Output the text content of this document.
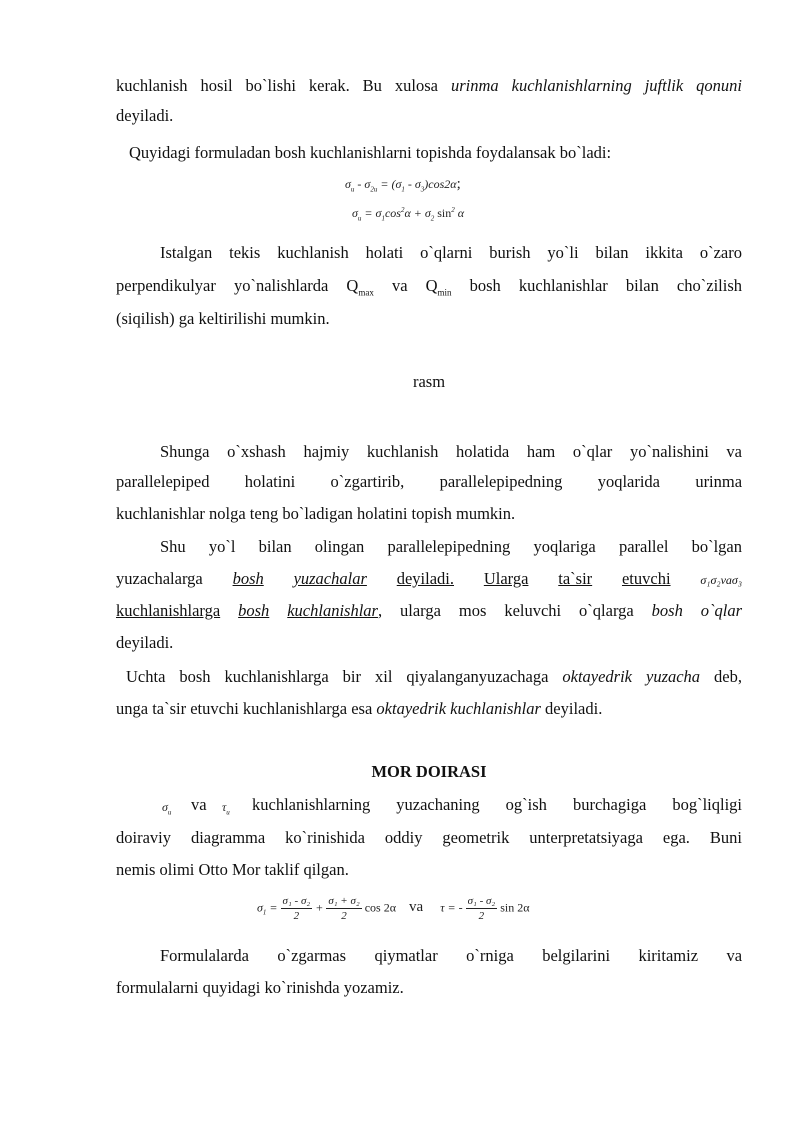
kuchlanish hosil bo`lishi kerak. Bu xulosa urinma kuchlanishlarning juftlik qonuni
deyiladi.
Quyidagi formuladan bosh kuchlanishlarni topishda foydalansak bo`ladi:
$\sigma_u - \sigma_{2u} = (\sigma_1 - \sigma_3)\cos 2\alpha$;
$\sigma_u = \sigma_1\cos^2\alpha + \sigma_2$ $\sin^2 \alpha$
Istalgan tekis kuchlanish holati o`qlarni burish yo`li bilan ikkita o`zaro
perpendikulyar yo`nalishlarda $Q_{max}$ va $Q_{min}$ bosh kuchlanishlar bilan cho`zilish
(siqilish) ga keltirilishi mumkin.
rasm
Shunga o`xshash hajmiy kuchlanish holatida ham o`qlar yo`nalishini va
parallelepiped holatini o`zgartirib, parallelepipedning yoqlarida urinma
kuchlanishlar nolga teng bo`ladigan holatini topish mumkin.
Shu yo`l bilan olingan parallelepipedning yoqlariga parallel bo`lgan
yuzachalarga bosh yuzachalar deyiladi. Ularga ta`sir etuvchi σ₁σ₂vaσ₃
kuchlanishlarga bosh kuchlanishlar, ularga mos keluvchi o`qlarga bosh o`qlar
deyiladi.
Uchta bosh kuchlanishlarga bir xil qiyalanganyuzachaga oktayedrik yuzacha deb,
unga ta`sir etuvchi kuchlanishlarga esa oktayedrik kuchlanishlar deyiladi.
MOR DOIRASI
$\sigma_u$ va $\tau_u$ kuchlanishlarning yuzachaning og`ish burchagiga bog`liqligi
doiraviy diagramma ko`rinishida oddiy geometrik unterpretatsiyaga ega. Buni
nemis olimi Otto Mor taklif qilgan.
$\sigma_1 = \frac{\text{σ₁ - σ₂}}{2} + \frac{\text{σ₁ + σ₂}}{2}$ cos 2α va τ = - $\frac{\text{σ₁ - σ₂}}{2}$ sin 2α
Formulalarda o`zgarmas qiymatlar o`rniga belgilarini kiritamiz va
formulalarni quyidagi ko`rinishda yozamiz.
